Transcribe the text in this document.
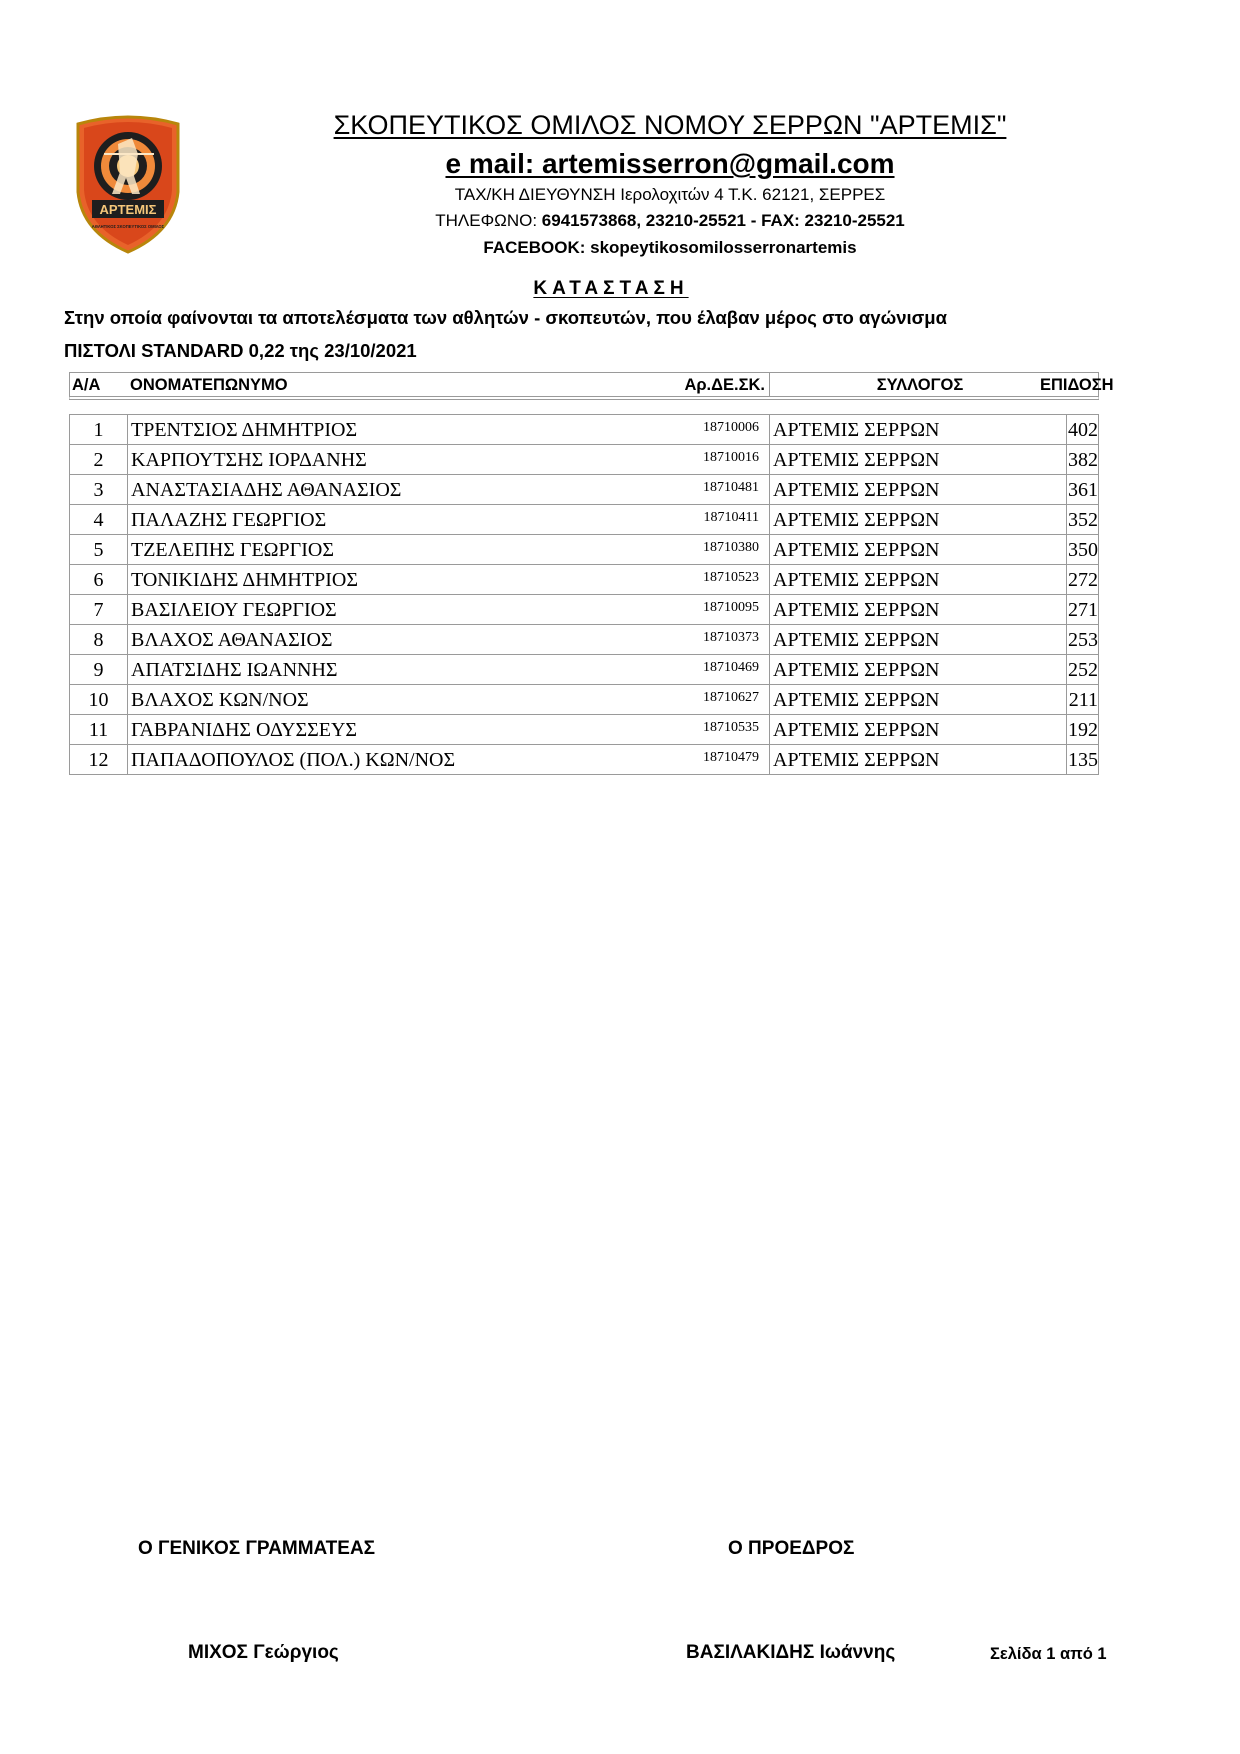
ΑΡΤΕΜΙΣ
ΑΘΛΗΤΙΚΟΣ ΣΚΟΠΕΥΤΙΚΟΣ ΟΜΙΛΟΣ
ΣΚΟΠΕΥΤΙΚΟΣ ΟΜΙΛΟΣ ΝΟΜΟΥ ΣΕΡΡΩΝ "ΑΡΤΕΜΙΣ"
e mail: artemisserron@gmail.com
ΤΑΧ/ΚΗ ΔΙΕΥΘΥΝΣΗ Ιερολοχιτών 4 Τ.Κ. 62121, ΣΕΡΡΕΣ
ΤΗΛΕΦΩΝΟ: 6941573868, 23210-25521 - FAX: 23210-25521
FACEBOOK: skopeytikosomilosserronartemis
ΚΑΤΑΣΤΑΣΗ
Στην οποία φαίνονται τα αποτελέσματα των αθλητών - σκοπευτών, που έλαβαν μέρος στο αγώνισμα
ΠΙΣΤΟΛΙ STANDARD 0,22 της 23/10/2021
Α/Α	ΟΝΟΜΑΤΕΠΩΝΥΜΟ	Αρ.ΔΕ.ΣΚ.	ΣΥΛΛΟΓΟΣ	ΕΠΙΔΟΣΗ
1	ΤΡΕΝΤΣΙΟΣ ΔΗΜΗΤΡΙΟΣ	18710006 ΑΡΤΕΜΙΣ ΣΕΡΡΩΝ	402
2	ΚΑΡΠΟΥΤΣΗΣ ΙΟΡΔΑΝΗΣ	18710016 ΑΡΤΕΜΙΣ ΣΕΡΡΩΝ	382
3	ΑΝΑΣΤΑΣΙΑΔΗΣ ΑΘΑΝΑΣΙΟΣ	18710481 ΑΡΤΕΜΙΣ ΣΕΡΡΩΝ	361
4	ΠΑΛΑΖΗΣ ΓΕΩΡΓΙΟΣ	18710411 ΑΡΤΕΜΙΣ ΣΕΡΡΩΝ	352
5	ΤΖΕΛΕΠΗΣ ΓΕΩΡΓΙΟΣ	18710380 ΑΡΤΕΜΙΣ ΣΕΡΡΩΝ	350
6	ΤΟΝΙΚΙΔΗΣ ΔΗΜΗΤΡΙΟΣ	18710523 ΑΡΤΕΜΙΣ ΣΕΡΡΩΝ	272
7	ΒΑΣΙΛΕΙΟΥ ΓΕΩΡΓΙΟΣ	18710095 ΑΡΤΕΜΙΣ ΣΕΡΡΩΝ	271
8	ΒΛΑΧΟΣ ΑΘΑΝΑΣΙΟΣ	18710373 ΑΡΤΕΜΙΣ ΣΕΡΡΩΝ	253
9	ΑΠΑΤΣΙΔΗΣ ΙΩΑΝΝΗΣ	18710469 ΑΡΤΕΜΙΣ ΣΕΡΡΩΝ	252
10	ΒΛΑΧΟΣ ΚΩΝ/ΝΟΣ	18710627 ΑΡΤΕΜΙΣ ΣΕΡΡΩΝ	211
11	ΓΑΒΡΑΝΙΔΗΣ ΟΔΥΣΣΕΥΣ	18710535 ΑΡΤΕΜΙΣ ΣΕΡΡΩΝ	192
12	ΠΑΠΑΔΟΠΟΥΛΟΣ (ΠΟΛ.) ΚΩΝ/ΝΟΣ	18710479 ΑΡΤΕΜΙΣ ΣΕΡΡΩΝ	135
Ο ΓΕΝΙΚΟΣ ΓΡΑΜΜΑΤΕΑΣ	Ο ΠΡΟΕΔΡΟΣ
ΜΙΧΟΣ Γεώργιος	ΒΑΣΙΛΑΚΙΔΗΣ Ιωάννης	Σελίδα 1 από 1
